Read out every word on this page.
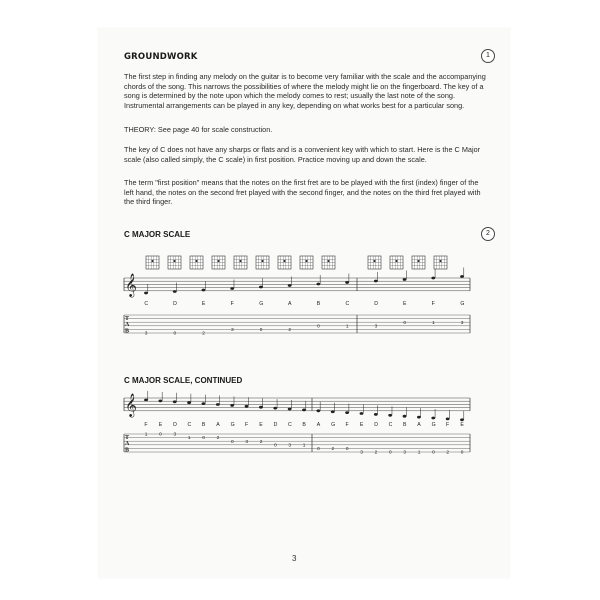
GROUNDWORK	1
2

The first step in finding any melody on the guitar is to become very familiar with the scale and the accompanying chords of the song. This narrows the possibilities of where the melody might lie on the fingerboard. The key of a song is determined by the note upon which the melody comes to rest; usually the last note of the song. Instrumental arrangements can be played in any key, depending on what works best for a particular song.

THEORY: See page 40 for scale construction.

The key of C does not have any sharps or flats and is a convenient key with which to start. Here is the C Major scale (also called simply, the C scale) in first position. Practice moving up and down the scale.

The term "first position" means that the notes on the first fret are to be played with the first (index) finger of the left hand, the notes on the second fret played with the second finger, and the notes on the third fret played with the third finger.

C MAJOR SCALE
C MAJOR SCALE, CONTINUED
𝄞
T
A
B
C
3
D
0
E
2
F
3
G
0
A
2
B
0
C
1
D
3
E
0
F
1
G
3
𝄞
T
A
B
F
1
E
0
D
3
C
1
B
0
A
2
G
0
F
3
E
2
D
0
C
3
B
1
A
0
G
2
F
0
E
3
D
2
C
0
B
3
A
1
G
0
F
2
E
0
3
